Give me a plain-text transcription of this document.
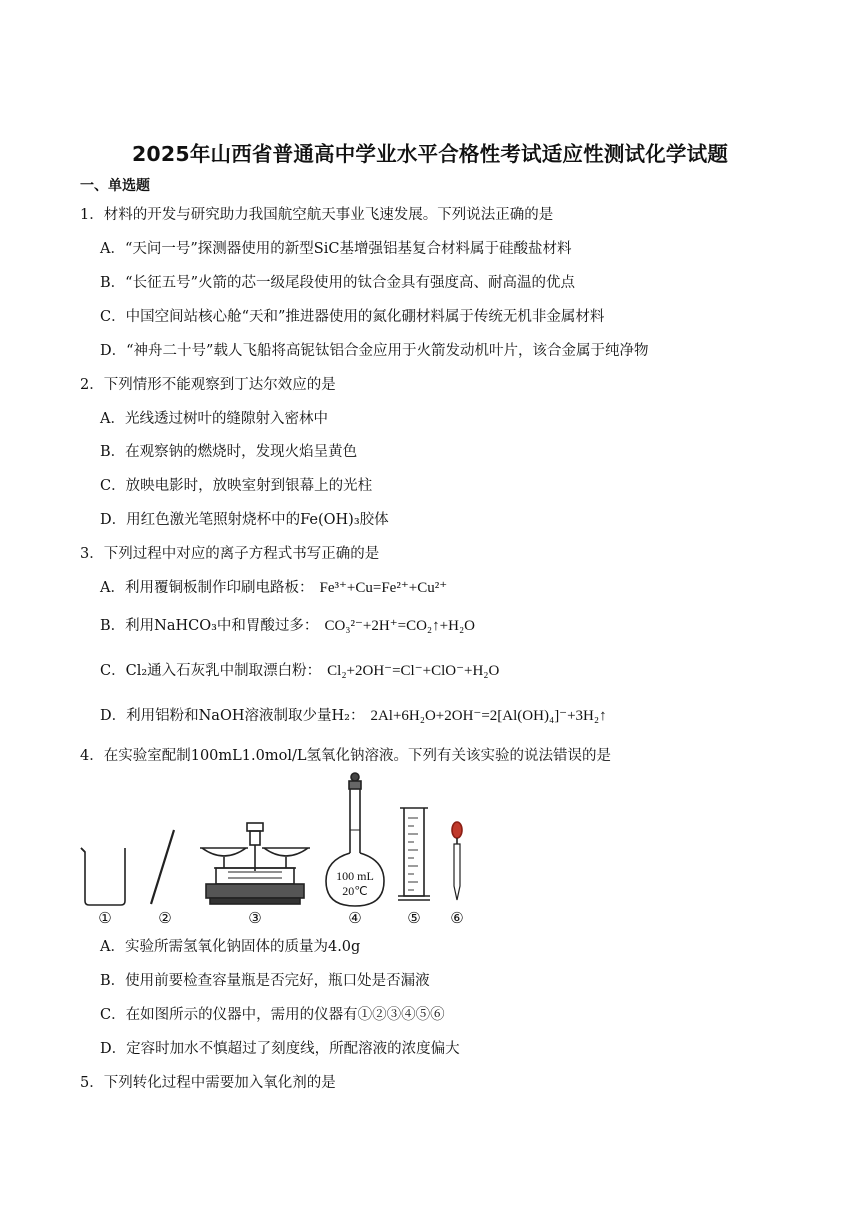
2025年山西省普通高中学业水平合格性考试适应性测试化学试题
一、单选题
1．材料的开发与研究助力我国航空航天事业飞速发展。下列说法正确的是
A．“天问一号”探测器使用的新型SiC基增强铝基复合材料属于硅酸盐材料
B．“长征五号”火箭的芯一级尾段使用的钛合金具有强度高、耐高温的优点
C．中国空间站核心舱“天和”推进器使用的氮化硼材料属于传统无机非金属材料
D．“神舟二十号”载人飞船将高铌钛铝合金应用于火箭发动机叶片，该合金属于纯净物
2．下列情形不能观察到丁达尔效应的是
A．光线透过树叶的缝隙射入密林中
B．在观察钠的燃烧时，发现火焰呈黄色
C．放映电影时，放映室射到银幕上的光柱
D．用红色激光笔照射烧杯中的Fe(OH)₃胶体
3．下列过程中对应的离子方程式书写正确的是
A．利用覆铜板制作印刷电路板： Fe³⁺+Cu=Fe²⁺+Cu²⁺
B．利用NaHCO₃中和胃酸过多： CO₃²⁻+2H⁺=CO₂↑+H₂O
C．Cl₂通入石灰乳中制取漂白粉： Cl₂+2OH⁻=Cl⁻+ClO⁻+H₂O
D．利用铝粉和NaOH溶液制取少量H₂： 2Al+6H₂O+2OH⁻=2[Al(OH)₄]⁻+3H₂↑
4．在实验室配制100mL1.0mol/L氢氧化钠溶液。下列有关该实验的说法错误的是
100 mL
20℃
①	②	③	④	⑤ ⑥
A．实验所需氢氧化钠固体的质量为4.0g
B．使用前要检查容量瓶是否完好，瓶口处是否漏液
C．在如图所示的仪器中，需用的仪器有①②③④⑤⑥
D．定容时加水不慎超过了刻度线，所配溶液的浓度偏大
5．下列转化过程中需要加入氧化剂的是
